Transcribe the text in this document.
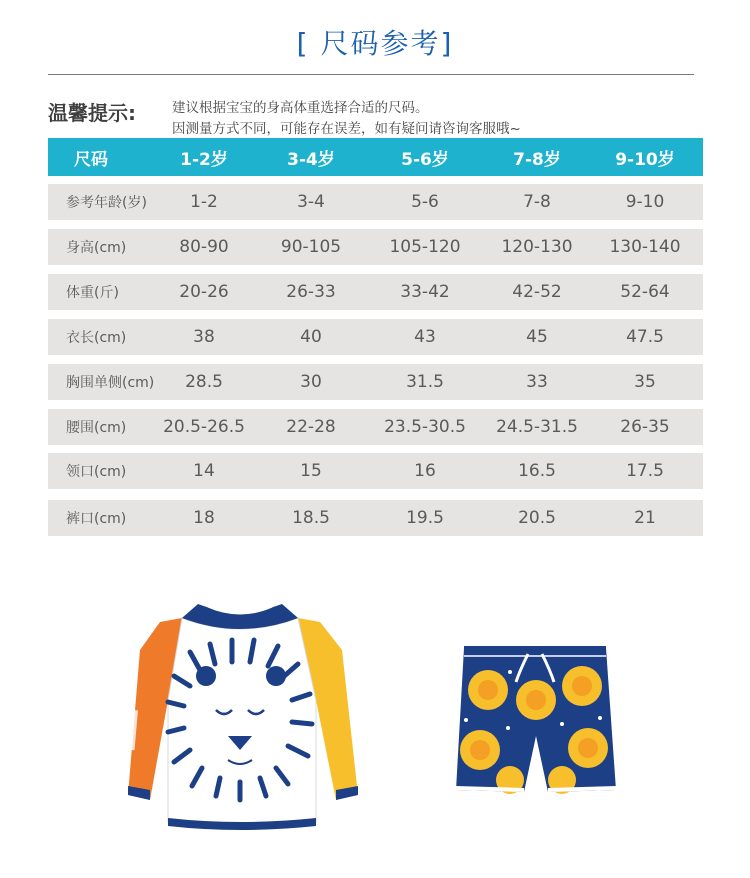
[ 尺码参考]
温馨提示:	建议根据宝宝的身高体重选择合适的尺码。
因测量方式不同，可能存在误差，如有疑问请咨询客服哦~
尺码	1-2岁	3-4岁	5-6岁	7-8岁	9-10岁
参考年龄(岁)	1-2	3-4	5-6	7-8	9-10
身高(cm)	80-90	90-105	105-120	120-130	130-140
体重(斤)	20-26	26-33	33-42	42-52	52-64
衣长(cm)	38	40	43	45	47.5
胸围单侧(cm)	28.5	30	31.5	33	35
腰围(cm)	20.5-26.5	22-28	23.5-30.5	24.5-31.5	26-35
领口(cm)	14	15	16	16.5	17.5
裤口(cm)	18	18.5	19.5	20.5	21
